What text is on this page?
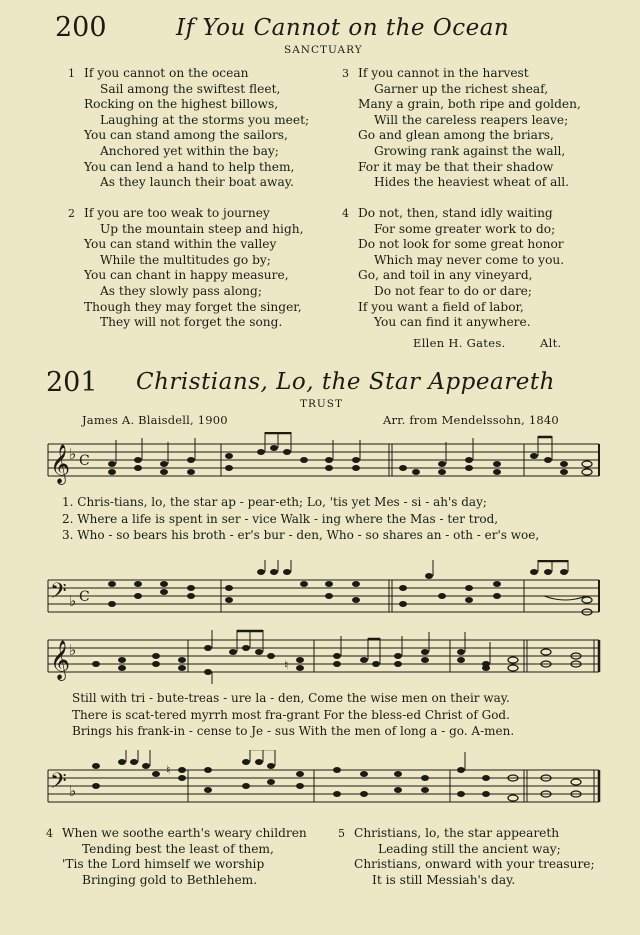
200	If You Cannot on the Ocean
SANCTUARY
1 If you cannot on the ocean
Sail among the swiftest fleet,
Rocking on the highest billows,
Laughing at the storms you meet;
You can stand among the sailors,
Anchored yet within the bay;
You can lend a hand to help them,
As they launch their boat away.
2 If you are too weak to journey
Up the mountain steep and high,
You can stand within the valley
While the multitudes go by;
You can chant in happy measure,
As they slowly pass along;
Though they may forget the singer,
They will not forget the song.
3 If you cannot in the harvest
Garner up the richest sheaf,
Many a grain, both ripe and golden,
Will the careless reapers leave;
Go and glean among the briars,
Growing rank against the wall,
For it may be that their shadow
Hides the heaviest wheat of all.
4 Do not, then, stand idly waiting
For some greater work to do;
Do not look for some great honor
Which may never come to you.
Go, and toil in any vineyard,
Do not fear to do or dare;
If you want a field of labor,
You can find it anywhere.
Ellen H. Gates.	Alt.
201 Christians, Lo, the Star Appeareth
TRUST
James A. Blaisdell, 1900	Arr. from Mendelssohn, 1840
𝄞
♭ C
1. Chris-tians, lo, the star ap - pear-eth; Lo, 'tis yet Mes - si - ah's day;
2. Where a life is spent in ser - vice Walk - ing where the Mas - ter trod,
3. Who - so bears his broth - er's bur - den, Who - so shares an - oth - er's woe,
𝄢 ♭ C
𝄞
♭
♮
Still with tri - bute-treas - ure la - den, Come the wise men on their way.
There is scat-tered myrrh most fra-grant For the bless-ed Christ of God.
Brings his frank-in - cense to Je - sus With the men of long a - go. A-men.
𝄢 ♭
♮
4 When we soothe earth's weary children
Tending best the least of them,
'Tis the Lord himself we worship
Bringing gold to Bethlehem.
5 Christians, lo, the star appeareth
Leading still the ancient way;
Christians, onward with your treasure;
It is still Messiah's day.
